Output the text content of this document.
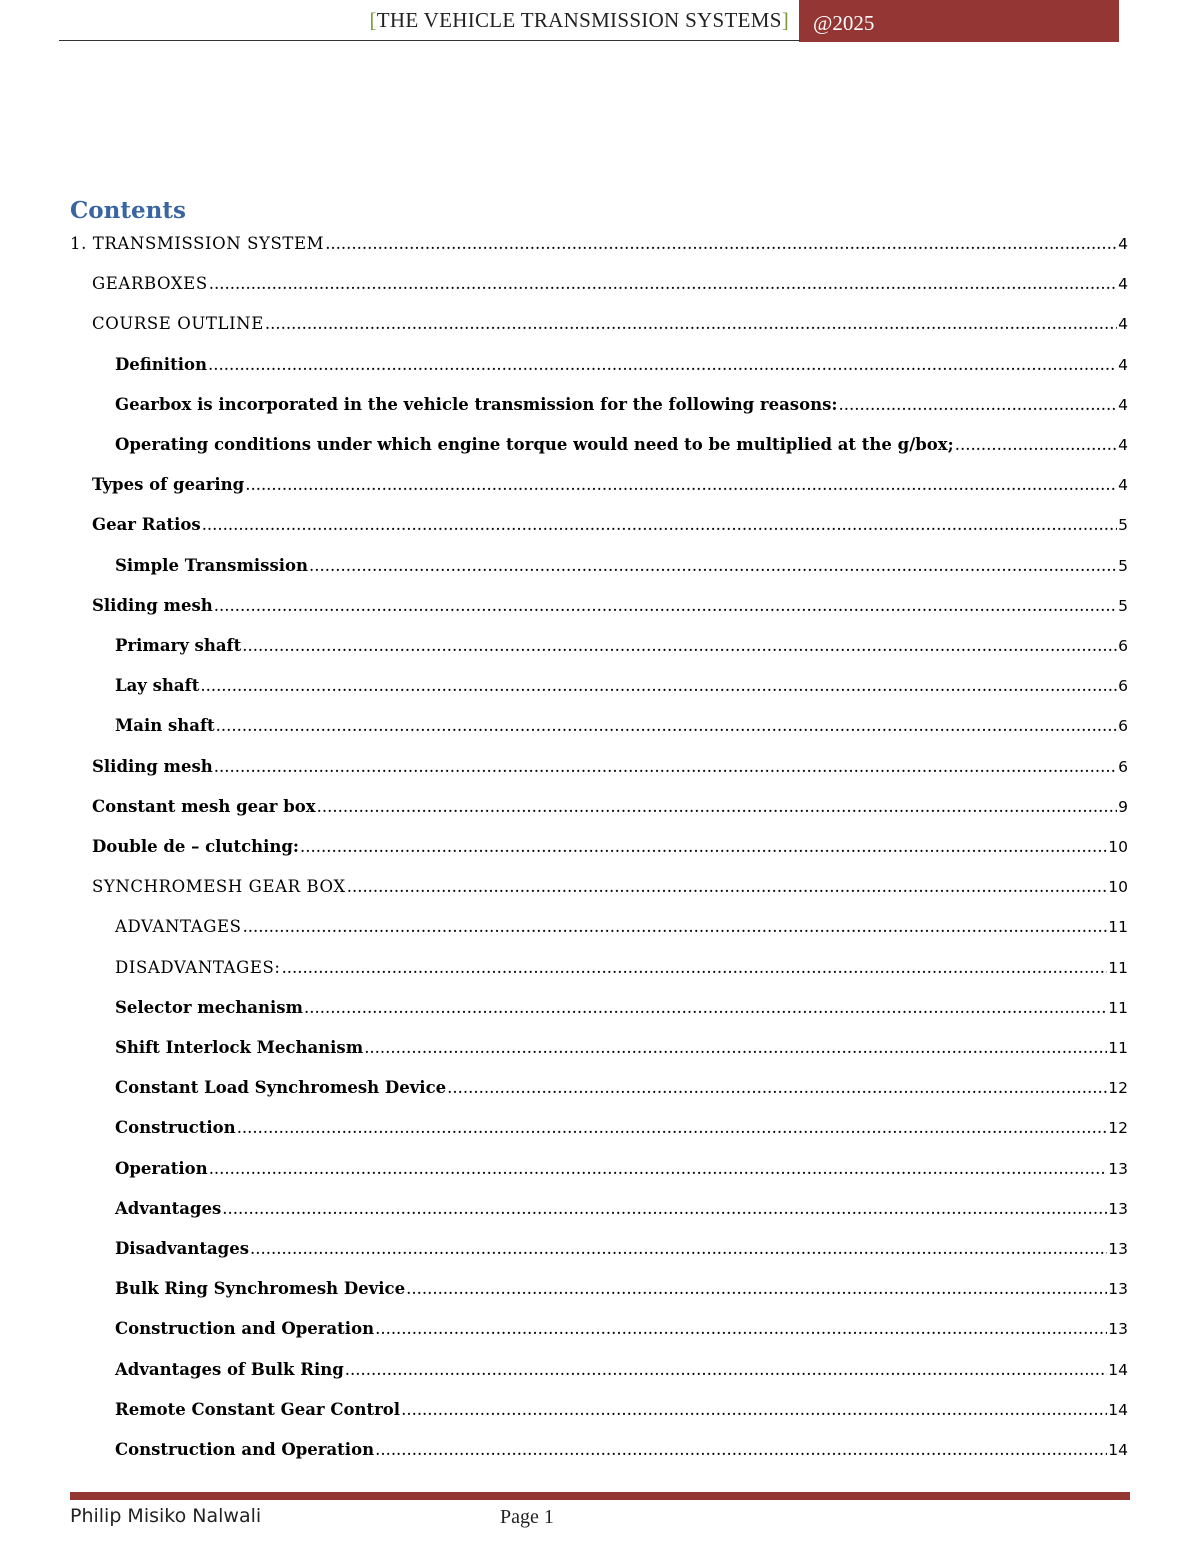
[THE VEHICLE TRANSMISSION SYSTEMS]	@2025
Contents
1. TRANSMISSION SYSTEM .....	4
GEARBOXES .....	4
COURSE OUTLINE .....	4
Definition .....	4
Gearbox is incorporated in the vehicle transmission for the following reasons: .....	4
Operating conditions under which engine torque would need to be multiplied at the g/box; .....	4
Types of gearing .....	4
Gear Ratios .....	5
Simple Transmission .....	5
Sliding mesh .....	5
Primary shaft .....	6
Lay shaft .....	6
Main shaft .....	6
Sliding mesh .....	6
Constant mesh gear box .....	9
Double de – clutching: .....	10
SYNCHROMESH GEAR BOX .....	10
ADVANTAGES .....	11
DISADVANTAGES: .....	11
Selector mechanism .....	11
Shift Interlock Mechanism .....	11
Constant Load Synchromesh Device .....	12
Construction .....	12
Operation .....	13
Advantages .....	13
Disadvantages .....	13
Bulk Ring Synchromesh Device .....	13
Construction and Operation .....	13
Advantages of Bulk Ring .....	14
Remote Constant Gear Control .....	14
Construction and Operation .....	14
Philip Misiko Nalwali	Page 1
